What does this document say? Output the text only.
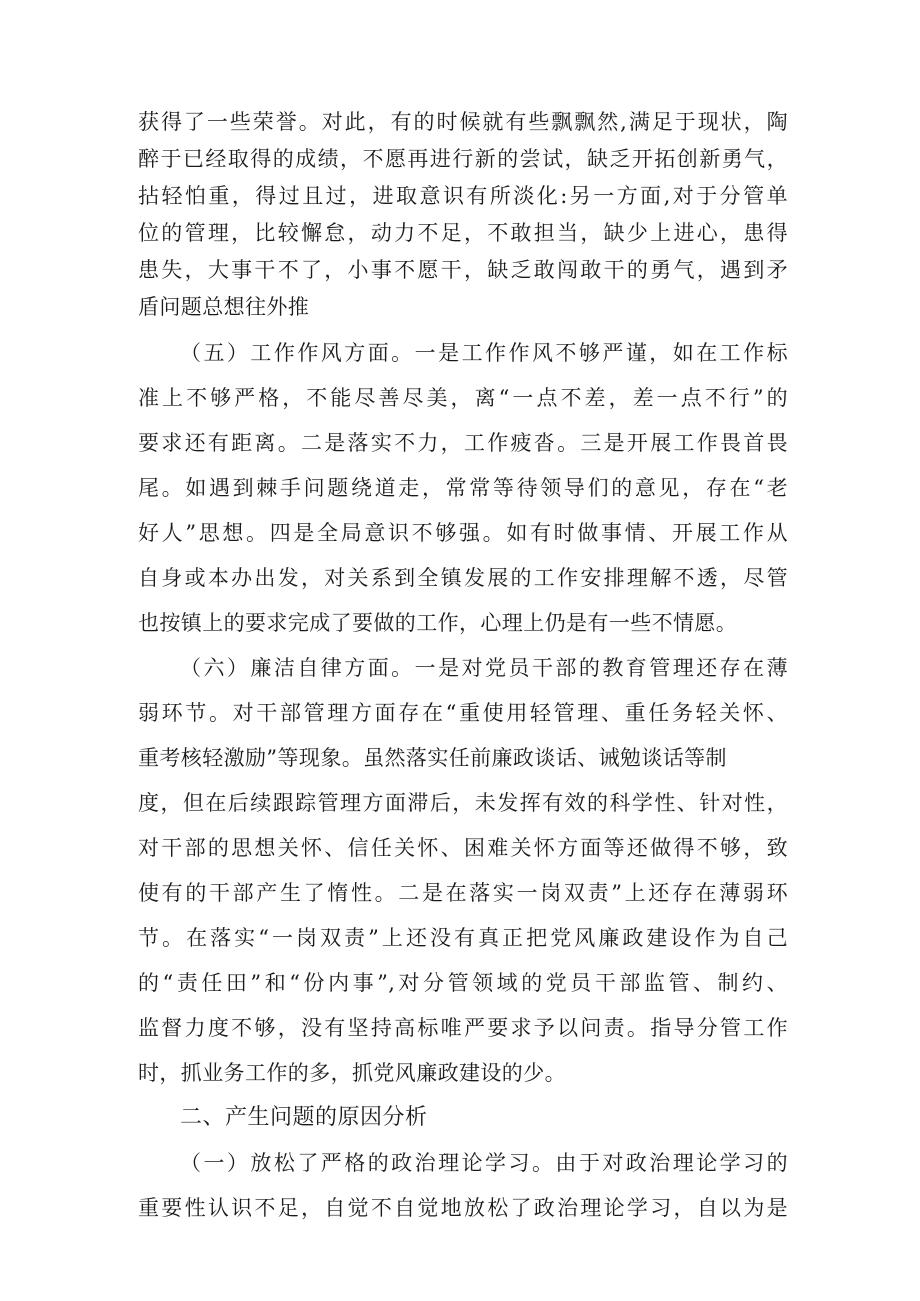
获得了一些荣誉。对此，有的时候就有些飘飘然,满足于现状，陶
醉于已经取得的成绩，不愿再进行新的尝试，缺乏开拓创新勇气，
拈轻怕重，得过且过，进取意识有所淡化:另一方面,对于分管单
位的管理，比较懈怠，动力不足，不敢担当，缺少上进心，患得
患失，大事干不了，小事不愿干，缺乏敢闯敢干的勇气，遇到矛
盾问题总想往外推
（五）工作作风方面。一是工作作风不够严谨，如在工作标
准上不够严格，不能尽善尽美，离“一点不差，差一点不行”的
要求还有距离。二是落实不力，工作疲沓。三是开展工作畏首畏
尾。如遇到棘手问题绕道走，常常等待领导们的意见，存在“老
好人”思想。四是全局意识不够强。如有时做事情、开展工作从
自身或本办出发，对关系到全镇发展的工作安排理解不透，尽管
也按镇上的要求完成了要做的工作，心理上仍是有一些不情愿。
（六）廉洁自律方面。一是对党员干部的教育管理还存在薄
弱环节。对干部管理方面存在“重使用轻管理、重任务轻关怀、
重考核轻激励”等现象。虽然落实任前廉政谈话、诫勉谈话等制
度，但在后续跟踪管理方面滞后，未发挥有效的科学性、针对性，
对干部的思想关怀、信任关怀、困难关怀方面等还做得不够，致
使有的干部产生了惰性。二是在落实一岗双责”上还存在薄弱环
节。在落实“一岗双责”上还没有真正把党风廉政建设作为自己
的“责任田”和“份内事”,对分管领域的党员干部监管、制约、
监督力度不够，没有坚持高标唯严要求予以问责。指导分管工作
时，抓业务工作的多，抓党风廉政建设的少。
二、产生问题的原因分析
（一）放松了严格的政治理论学习。由于对政治理论学习的
重要性认识不足，自觉不自觉地放松了政治理论学习，自以为是
